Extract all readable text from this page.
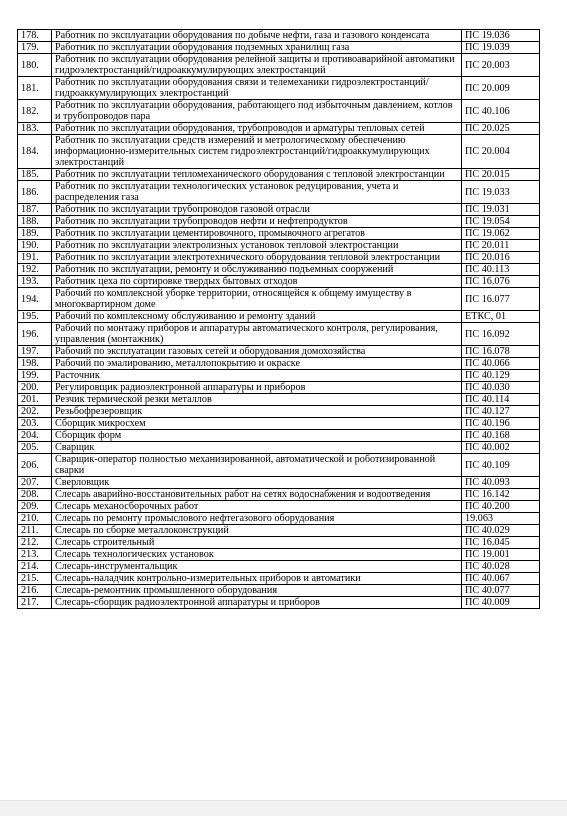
178.	Работник по эксплуатации оборудования по добыче нефти, газа и газового конденсата	ПС 19.036
179.	Работник по эксплуатации оборудования подземных хранилищ газа	ПС 19.039
180.	Работник по эксплуатации оборудования релейной защиты и противоаварийной автоматики гидроэлектростанций/гидроаккумулирующих электростанций	ПС 20.003
181.	Работник по эксплуатации оборудования связи и телемеханики гидроэлектростанций/ гидроаккумулирующих электростанций	ПС 20.009
182.	Работник по эксплуатации оборудования, работающего под избыточным давлением, котлов и трубопроводов пара	ПС 40.106
183.	Работник по эксплуатации оборудования, трубопроводов и арматуры тепловых сетей	ПС 20.025
184.	Работник по эксплуатации средств измерений и метрологическому обеспечению информационно-измерительных систем гидроэлектростанций/гидроаккумулирующих электростанций	ПС 20.004
185.	Работник по эксплуатации тепломеханического оборудования с тепловой электростанции	ПС 20.015
186.	Работник по эксплуатации технологических установок редуцирования, учета и распределения газа	ПС 19.033
187.	Работник по эксплуатации трубопроводов газовой отрасли	ПС 19.031
188.	Работник по эксплуатации трубопроводов нефти и нефтепродуктов	ПС 19.054
189.	Работник по эксплуатации цементировочного, промывочного агрегатов	ПС 19.062
190.	Работник по эксплуатации электролизных установок тепловой электростанции	ПС 20.011
191.	Работник по эксплуатации электротехнического оборудования тепловой электростанции	ПС 20.016
192.	Работник по эксплуатации, ремонту и обслуживанию подъемных сооружений	ПС 40.113
193.	Работник цеха по сортировке твердых бытовых отходов	ПС 16.076
194.	Рабочий по комплексной уборке территории, относящейся к общему имуществу в многоквартирном доме	ПС 16.077
195.	Рабочий по комплексному обслуживанию и ремонту зданий	ЕТКС, 01
196.	Рабочий по монтажу приборов и аппаратуры автоматического контроля, регулирования, управления (монтажник)	ПС 16.092
197.	Рабочий по эксплуатации газовых сетей и оборудования домохозяйства	ПС 16.078
198.	Рабочий по эмалированию, металлопокрытию и окраске	ПС 40.066
199.	Расточник	ПС 40.129
200.	Регулировщик радиоэлектронной аппаратуры и приборов	ПС 40.030
201.	Резчик термической резки металлов	ПС 40.114
202.	Резьбофрезеровщик	ПС 40.127
203.	Сборщик микросхем	ПС 40.196
204.	Сборщик форм	ПС 40.168
205.	Сварщик	ПС 40.002
206.	Сварщик-оператор полностью механизированной, автоматической и роботизированной сварки	ПС 40.109
207.	Сверловщик	ПС 40.093
208.	Слесарь аварийно-восстановительных работ на сетях водоснабжения и водоотведения	ПС 16.142
209.	Слесарь механосборочных работ	ПС 40.200
210.	Слесарь по ремонту промыслового нефтегазового оборудования	19.063
211.	Слесарь по сборке металлоконструкций	ПС 40.029
212.	Слесарь строительный	ПС 16.045
213.	Слесарь технологических установок	ПС 19.001
214.	Слесарь-инструментальщик	ПС 40.028
215.	Слесарь-наладчик контрольно-измерительных приборов и автоматики	ПС 40.067
216.	Слесарь-ремонтник промышленного оборудования	ПС 40.077
217.	Слесарь-сборщик радиоэлектронной аппаратуры и приборов	ПС 40.009
